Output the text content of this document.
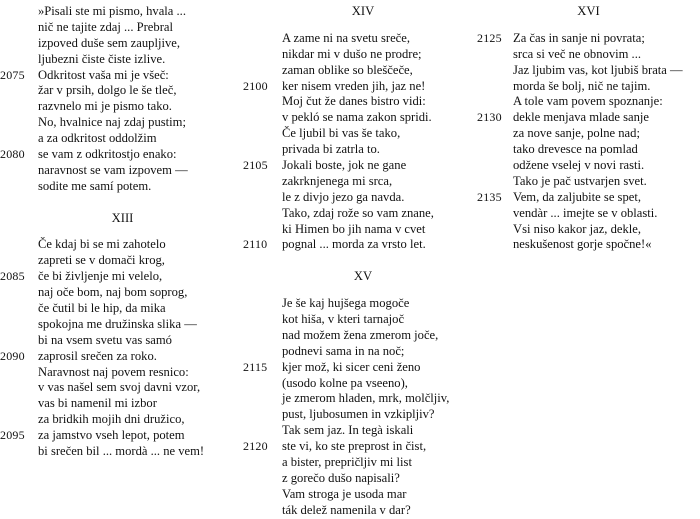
»Pisali ste mi pismo, hvala ...
nič ne tajite zdaj ... Prebral
izpoved duše sem zaupljive,
ljubezni čiste čiste izlive.
2075	Odkritost vaša mi je všeč:
žar v prsih, dolgo le še tleč,
razvnelo mi je pismo tako.
No, hvalnice naj zdaj pustim;
a za odkritost oddolžim
2080	se vam z odkritostjo enako:
naravnost se vam izpovem —
sodite me samí potem.
XIII
Če kdaj bi se mi zahotelo
zapreti se v domači krog,
2085	če bi življenje mi velelo,
naj oče bom, naj bom soprog,
če čutil bi le hip, da mika
spokojna me družinska slika —
bi na vsem svetu vas samó
2090	zaprosil srečen za roko.
Naravnost naj povem resnico:
v vas našel sem svoj davni vzor,
vas bi namenil mi izbor
za bridkih mojih dni družico,
2095	za jamstvo vseh lepot, potem
bi srečen bil ... mordà ... ne vem!
XIV
A zame ni na svetu sreče,
nikdar mi v dušo ne prodre;
zaman oblike so bleščeče,
2100	ker nisem vreden jih, jaz ne!
Moj čut že danes bistro vidi:
v pekló se nama zakon spridi.
Če ljubil bi vas še tako,
privada bi zatrla to.
2105	Jokali boste, jok ne gane
zakrknjenega mi srca,
le z divjo jezo ga navda.
Tako, zdaj rože so vam znane,
ki Himen bo jih nama v cvet
2110	pognal ... morda za vrsto let.
XV
Je še kaj hujšega mogoče
kot hiša, v kteri tarnajoč
nad možem žena zmerom joče,
podnevi sama in na noč;
2115	kjer mož, ki sicer ceni ženo
(usodo kolne pa vseeno),
je zmerom hladen, mrk, molčljiv,
pust, ljubosumen in vzkipljiv?
Tak sem jaz. In tegà iskali
2120	ste vi, ko ste preprost in čist,
a bister, prepričljiv mi list
z gorečo dušo napisali?
Vam stroga je usoda mar
ták delež namenila v dar?
XVI
2125 Za čas in sanje ni povrata;
srca si več ne obnovim ...
Jaz ljubim vas, kot ljubiš brata —
morda še bolj, nič ne tajim.
A tole vam povem spoznanje:
2130 dekle menjava mlade sanje
za nove sanje, polne nad;
tako drevesce na pomlad
odžene vselej v novi rasti.
Tako je pač ustvarjen svet.
2135 Vem, da zaljubite se spet,
vendàr ... imejte se v oblasti.
Vsi niso kakor jaz, dekle,
neskušenost gorje spočne!«
